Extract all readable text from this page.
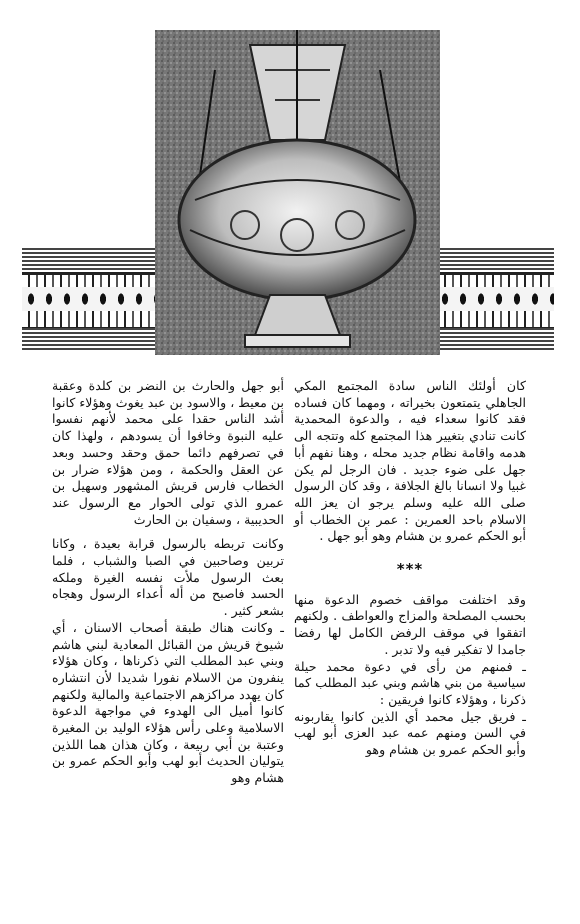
كان أولئك الناس سادة المجتمع المكي الجاهلي يتمتعون بخيراته ، ومهما كان فساده فقد كانوا سعداء فيه ، والدعوة المحمدية كانت تنادي بتغيير هذا المجتمع كله وتتجه الى هدمه واقامة نظام جديد محله ، وهنا نفهم أبا جهل على ضوء جديد . فان الرجل لم يكن غبيا ولا انسانا بالغ الجلافة ، وقد كان الرسول صلى الله عليه وسلم يرجو ان يعز الله الاسلام باحد العمرين : عمر بن الخطاب أو أبو الحكم عمرو بن هشام وهو أبو جهل .

***

وقد اختلفت مواقف خصوم الدعوة منها بحسب المصلحة والمزاج والعواطف . ولكنهم اتفقوا في موقف الرفض الكامل لها رفضا جامدا لا تفكير فيه ولا تدبر .

ـ فمنهم من رأى في دعوة محمد حيلة سياسية من بني هاشم وبني عبد المطلب كما ذكرنا ، وهؤلاء كانوا فريقين :

ـ فريق جيل محمد أي الذين كانوا يقاربونه في السن ومنهم عمه عبد العزى أبو لهب وأبو الحكم عمرو بن هشام وهو

أبو جهل والحارث بن النضر بن كلدة وعقبة بن معيط ، والاسود بن عبد يغوث وهؤلاء كانوا أشد الناس حقدا على محمد لأنهم نفسوا عليه النبوة وخافوا أن يسودهم ، ولهذا كان في تصرفهم دائما حمق وحقد وحسد وبعد عن العقل والحكمة ، ومن هؤلاء ضرار بن الخطاب فارس قريش المشهور وسهيل بن عمرو الذي تولى الحوار مع الرسول عند الحديبية ، وسفيان بن الحارث

وكانت تربطه بالرسول قرابة بعيدة ، وكانا تربين وصاحبين في الصبا والشباب ، فلما بعث الرسول ملأت نفسه الغيرة وملكه الحسد فاصبح من أله أعداء الرسول وهجاه بشعر كثير .

ـ وكانت هناك طبقة أصحاب الاسنان ، أي شيوخ قريش من القبائل المعادية لبني هاشم وبني عبد المطلب التي ذكرناها ، وكان هؤلاء ينفرون من الاسلام نفورا شديدا لأن انتشاره كان يهدد مراكزهم الاجتماعية والمالية ولكنهم كانوا أميل الى الهدوء في مواجهة الدعوة الاسلامية وعلى رأس هؤلاء الوليد بن المغيرة وعتبة بن أبي ربيعة ، وكان هذان هما اللذين يتوليان الحديث أبو لهب وأبو الحكم عمرو بن هشام وهو
